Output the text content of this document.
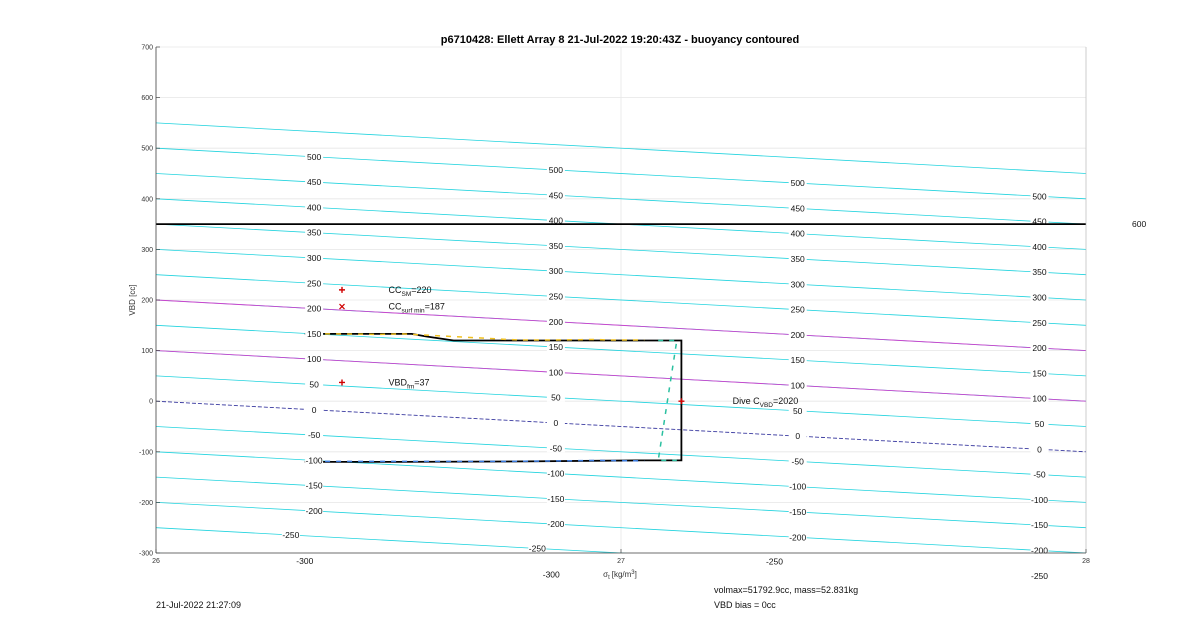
500
450
400
350
300
250
200
150
100
50
0
-50
-100
-150
-200
-250
-300
500
450
400
350
300
250
200
150
100
50
0
-50
-100
-150
-200
-250
-300
500
450
400
350
300
250
200
150
100
50
0
-50
-100
-150
-200
-250
500
450
400
350
300
250
200
150
100
50
0
-50
-100
-150
-200
-250
600
-300
-200
-100
0
100
200
300
400
500
600
700
26	27	28
$CC_{SM}=220$
$CC_{surf min}=187$
$VBD_{fm}=37$
Dive $C_{VBD}=2020$
p6710428: Ellett Array 8 21-Jul-2022 19:20:43Z - buoyancy contoured
VBD [cc]
$\sigma_t$ $[kg/m^3]$
21-Jul-2022 21:27:09
volmax=51792.9cc, mass=52.831kg
VBD bias = 0cc
